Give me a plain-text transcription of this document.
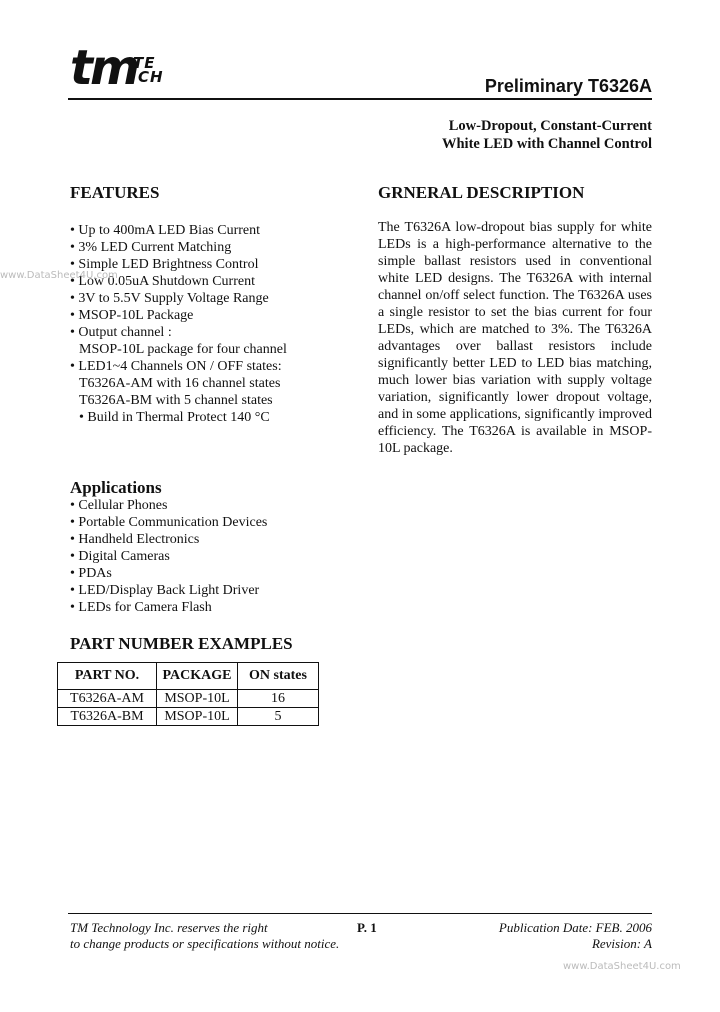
tm
TE
CH	Preliminary T6326A
Low-Dropout, Constant-Current
White LED with Channel Control
FEATURES
• Up to 400mA LED Bias Current
• 3% LED Current Matching
• Simple LED Brightness Control
• Low 0.05uA Shutdown Current
• 3V to 5.5V Supply Voltage Range
• MSOP-10L Package
• Output channel :
MSOP-10L package for four channel
• LED1~4 Channels ON / OFF states:
T6326A-AM with 16 channel states
T6326A-BM with 5 channel states
• Build in Thermal Protect 140 °C
GRNERAL DESCRIPTION
The T6326A low-dropout bias supply for white LEDs is a high-performance alternative to the simple ballast resistors used in conventional white LED designs. The T6326A with internal channel on/off select function. The T6326A uses a single resistor to set the bias current for four LEDs, which are matched to 3%. The T6326A advantages over ballast resistors include significantly better LED to LED bias matching, much lower bias variation with supply voltage variation, significantly lower dropout voltage, and in some applications, significantly improved efficiency. The T6326A is available in MSOP-10L package.
Applications
• Cellular Phones
• Portable Communication Devices
• Handheld Electronics
• Digital Cameras
• PDAs
• LED/Display Back Light Driver
• LEDs for Camera Flash
PART NUMBER EXAMPLES
PART NO.	PACKAGE	ON states
T6326A-AM	MSOP-10L	16
T6326A-BM	MSOP-10L	5
TM Technology Inc. reserves the right
to change products or specifications without notice.
P. 1	Publication Date: FEB. 2006
Revision: A
www.DataSheet4U.com
www.DataSheet4U.com
